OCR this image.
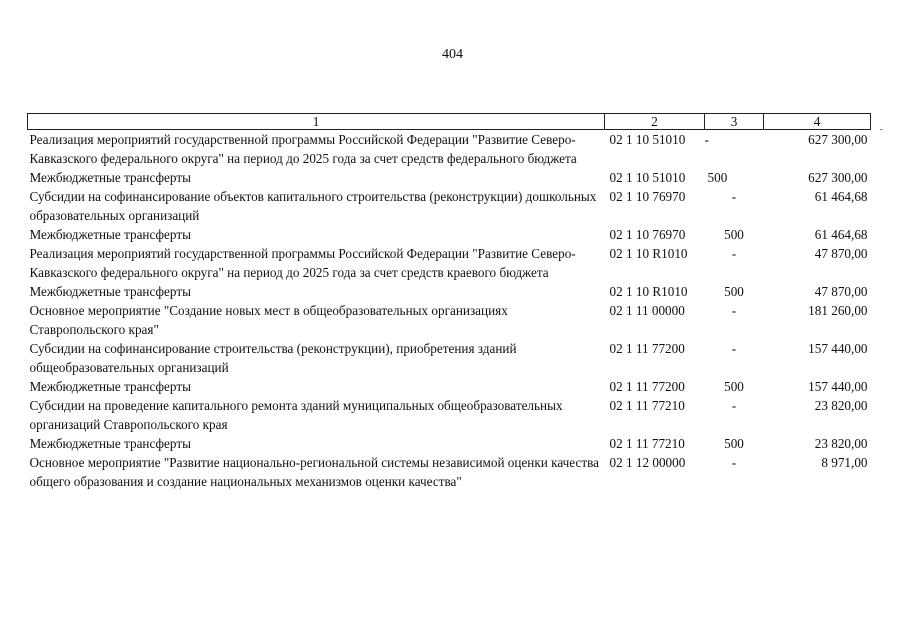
404
1	2	3	4
Реализация мероприятий государственной программы Российской Федерации "Развитие Северо-Кавказского федерального округа" на период до 2025 года за счет средств федерального бюджета	02 1 10 51010	-	627 300,00
Межбюджетные трансферты	02 1 10 51010	500	627 300,00
Субсидии на софинансирование объектов капитального строительства (реконструкции) дошкольных образовательных организаций	02 1 10 76970	-	61 464,68
Межбюджетные трансферты	02 1 10 76970	500	61 464,68
Реализация мероприятий государственной программы Российской Федерации "Развитие Северо-Кавказского федерального округа" на период до 2025 года за счет средств краевого бюджета	02 1 10 R1010	-	47 870,00
Межбюджетные трансферты	02 1 10 R1010	500	47 870,00
Основное мероприятие "Создание новых мест в общеобразовательных организациях Ставропольского края"	02 1 11 00000	-	181 260,00
Субсидии на софинансирование строительства (реконструкции), приобретения зданий общеобразовательных организаций	02 1 11 77200	-	157 440,00
Межбюджетные трансферты	02 1 11 77200	500	157 440,00
Субсидии на проведение капитального ремонта зданий муниципальных общеобразовательных организаций Ставропольского края	02 1 11 77210	-	23 820,00
Межбюджетные трансферты	02 1 11 77210	500	23 820,00
Основное мероприятие "Развитие национально-региональной системы независимой оценки качества общего образования и создание национальных механизмов оценки качества"	02 1 12 00000	-	8 971,00
